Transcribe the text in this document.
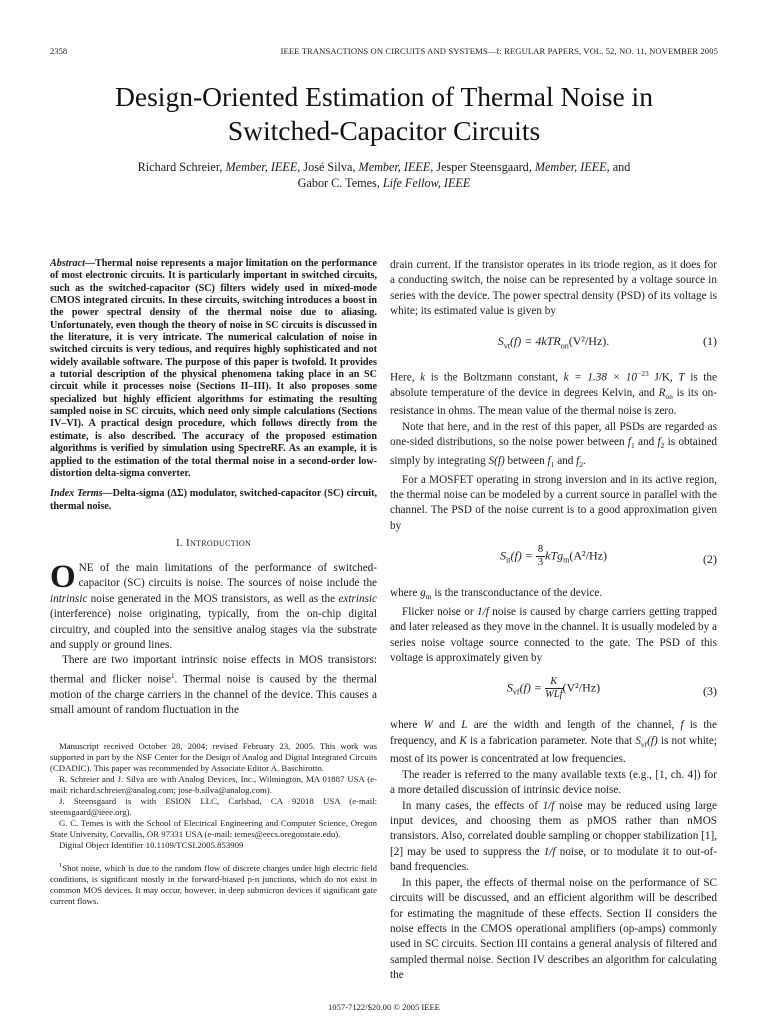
2358	IEEE TRANSACTIONS ON CIRCUITS AND SYSTEMS—I: REGULAR PAPERS, VOL. 52, NO. 11, NOVEMBER 2005
Design-Oriented Estimation of Thermal Noise in
Switched-Capacitor Circuits
Richard Schreier, Member, IEEE, José Silva, Member, IEEE, Jesper Steensgaard, Member, IEEE, and
Gabor C. Temes, Life Fellow, IEEE

Abstract—Thermal noise represents a major limitation on the performance of most electronic circuits. It is particularly important in switched circuits, such as the switched-capacitor (SC) filters widely used in mixed-mode CMOS integrated circuits. In these circuits, switching introduces a boost in the power spectral density of the thermal noise due to aliasing. Unfortunately, even though the theory of noise in SC circuits is discussed in the literature, it is very intricate. The numerical calculation of noise in switched circuits is very tedious, and requires highly sophisticated and not widely available software. The purpose of this paper is twofold. It provides a tutorial description of the physical phenomena taking place in an SC circuit while it processes noise (Sections II–III). It also proposes some specialized but highly efficient algorithms for estimating the resulting sampled noise in SC circuits, which need only simple calculations (Sections IV–VI). A practical design procedure, which follows directly from the estimate, is also described. The accuracy of the proposed estimation algorithms is verified by simulation using SpectreRF. As an example, it is applied to the estimation of the total thermal noise in a second-order low-distortion delta-sigma converter.

Index Terms—Delta-sigma (ΔΣ) modulator, switched-capacitor (SC) circuit, thermal noise.

I. Introduction

ONE of the main limitations of the performance of switched-capacitor (SC) circuits is noise. The sources of noise include the intrinsic noise generated in the MOS transistors, as well as the extrinsic (interference) noise originating, typically, from the on-chip digital circuitry, and coupled into the sensitive analog stages via the substrate and supply or ground lines.

There are two important intrinsic noise effects in MOS transistors: thermal and flicker noise$^1$. Thermal noise is caused by the thermal motion of the charge carriers in the channel of the device. This causes a small amount of random fluctuation in the

Manuscript received October 28, 2004; revised February 23, 2005. This work was supported in part by the NSF Center for the Design of Analog and Digital Integrated Circuits (CDADIC). This paper was recommended by Associate Editor A. Baschirotto.

R. Schreier and J. Silva are with Analog Devices, Inc., Wilmington, MA 01887 USA (e-mail: richard.schreier@analog.com; jose-b.silva@analog.com).

J. Steensgaard is with ESION LLC, Carlsbad, CA 92018 USA (e-mail: steensgaard@ieee.org).

G. C. Temes is with the School of Electrical Engineering and Computer Science, Oregon State University, Corvallis, OR 97331 USA (e-mail: temes@eecs.oregonstate.edu).

Digital Object Identifier 10.1109/TCSI.2005.853909

$^1$Shot noise, which is due to the random flow of discrete charges under high electric field conditions, is significant mostly in the forward-biased p-n junctions, which do not exist in common MOS devices. It may occur, however, in deep submicron devices if significant gate current flows.

drain current. If the transistor operates in its triode region, as it does for a conducting switch, the noise can be represented by a voltage source in series with the device. The power spectral density (PSD) of its voltage is white; its estimated value is given by

$S_{vt}(f) = 4kTR_{on}(V^2/Hz)$.	(1)

Here, k is the Boltzmann constant, $k = 1.38 \times 10^{-23}$ J/K, T is the absolute temperature of the device in degrees Kelvin, and $R_{on}$ is its on-resistance in ohms. The mean value of the thermal noise is zero.

Note that here, and in the rest of this paper, all PSDs are regarded as one-sided distributions, so the noise power between $f_1$ and $f_2$ is obtained simply by integrating S(f) between $f_1$ and $f_2$.

For a MOSFET operating in strong inversion and in its active region, the thermal noise can be modeled by a current source in parallel with the channel. The PSD of the noise current is to a good approximation given by

$S_{it}(f) = \frac{8}{3} kTg_m(A^2/Hz)$	(2)

where $g_m$ is the transconductance of the device.

Flicker noise or 1/f noise is caused by charge carriers getting trapped and later released as they move in the channel. It is usually modeled by a series noise voltage source connected to the gate. The PSD of this voltage is approximately given by

$S_{vf}(f) = K$
WLf
(V²/Hz)	(3)

where W and L are the width and length of the channel, f is the frequency, and K is a fabrication parameter. Note that $S_{vf}(f)$ is not white; most of its power is concentrated at low frequencies.

The reader is referred to the many available texts (e.g., [1, ch. 4]) for a more detailed discussion of intrinsic device noise.

In many cases, the effects of 1/f noise may be reduced using large input devices, and choosing them as pMOS rather than nMOS transistors. Also, correlated double sampling or chopper stabilization [1], [2] may be used to suppress the 1/f noise, or to modulate it to out-of-band frequencies.

In this paper, the effects of thermal noise on the performance of SC circuits will be discussed, and an efficient algorithm will be described for estimating the magnitude of these effects. Section II considers the noise effects in the CMOS operational amplifiers (op-amps) commonly used in SC circuits. Section III contains a general analysis of filtered and sampled thermal noise. Section IV describes an algorithm for calculating the

1057-7122/$20.00 © 2005 IEEE
